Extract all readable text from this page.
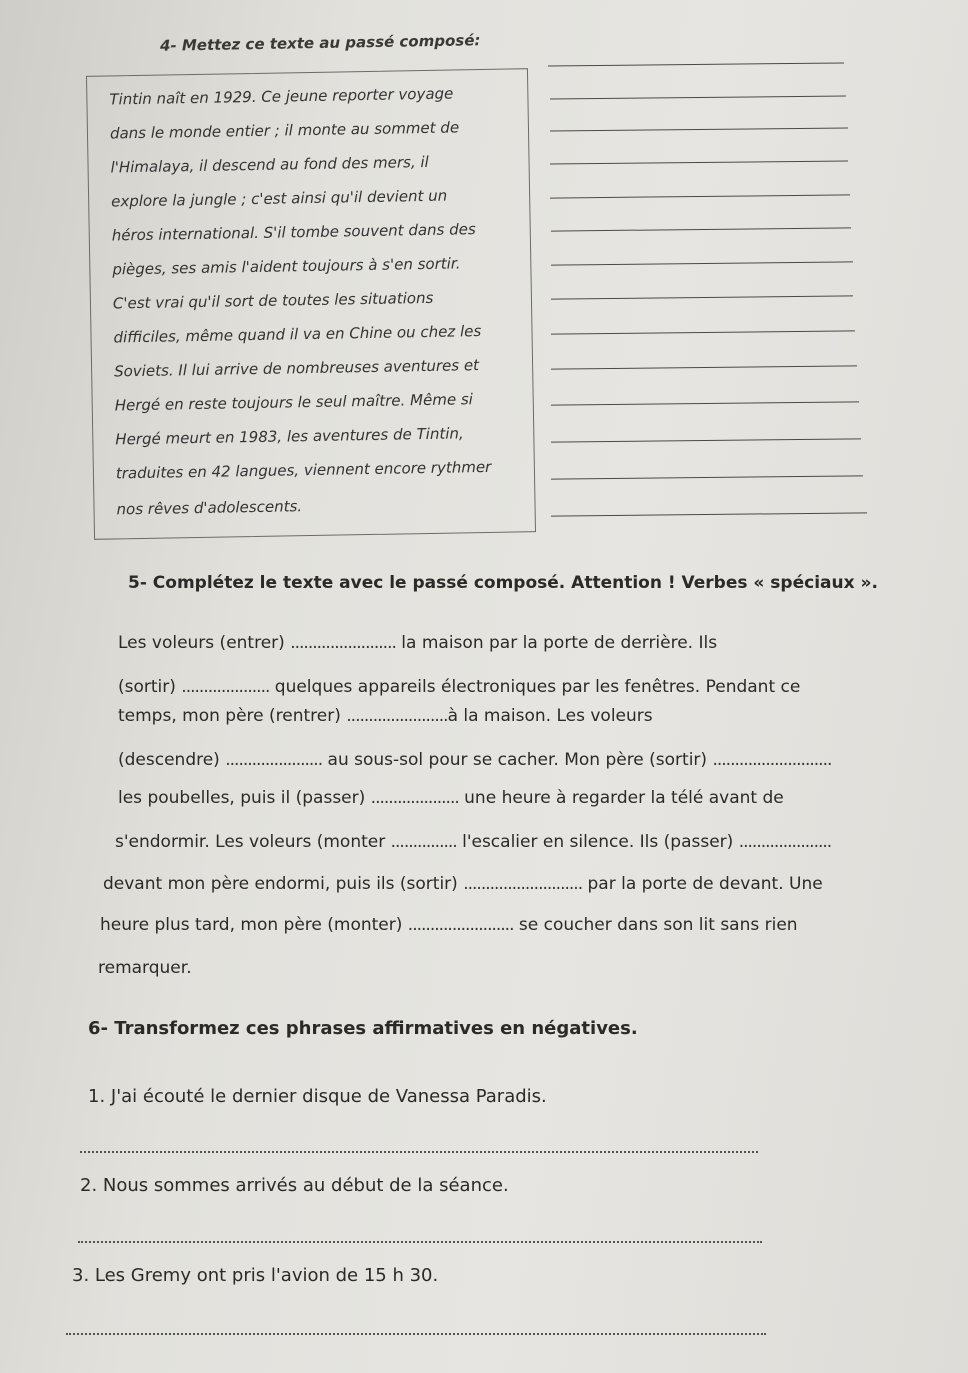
4- Mettez ce texte au passé composé:
Tintin naît en 1929. Ce jeune reporter voyage
dans le monde entier ; il monte au sommet de
l'Himalaya, il descend au fond des mers, il
explore la jungle ; c'est ainsi qu'il devient un
héros international. S'il tombe souvent dans des
pièges, ses amis l'aident toujours à s'en sortir.
C'est vrai qu'il sort de toutes les situations
difficiles, même quand il va en Chine ou chez les
Soviets. Il lui arrive de nombreuses aventures et
Hergé en reste toujours le seul maître. Même si
Hergé meurt en 1983, les aventures de Tintin,
traduites en 42 langues, viennent encore rythmer
nos rêves d'adolescents.
5- Complétez le texte avec le passé composé. Attention ! Verbes « spéciaux ».
Les voleurs (entrer) ........................ la maison par la porte de derrière. Ils
(sortir) .................... quelques appareils électroniques par les fenêtres. Pendant ce
temps, mon père (rentrer) .......................à la maison. Les voleurs
(descendre) ...................... au sous-sol pour se cacher. Mon père (sortir) ...........................
les poubelles, puis il (passer) .................... une heure à regarder la télé avant de
s'endormir. Les voleurs (monter ............... l'escalier en silence. Ils (passer) .....................
devant mon père endormi, puis ils (sortir) ........................... par la porte de devant. Une
heure plus tard, mon père (monter) ........................ se coucher dans son lit sans rien
remarquer.
6- Transformez ces phrases affirmatives en négatives.
1. J'ai écouté le dernier disque de Vanessa Paradis.
2. Nous sommes arrivés au début de la séance.
3. Les Gremy ont pris l'avion de 15 h 30.
